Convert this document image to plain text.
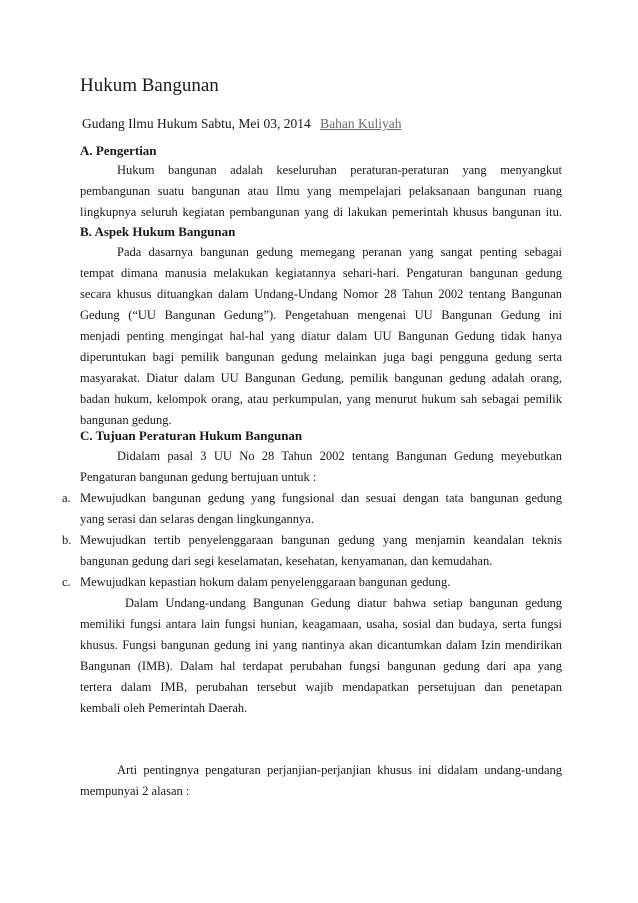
Hukum Bangunan
Gudang Ilmu Hukum Sabtu, Mei 03, 2014 Bahan Kuliyah
A. Pengertian
Hukum bangunan adalah keseluruhan peraturan-peraturan yang menyangkut
pembangunan suatu bangunan atau Ilmu yang mempelajari pelaksanaan bangunan ruang
lingkupnya seluruh kegiatan pembangunan yang di lakukan pemerintah khusus bangunan itu.
B. Aspek Hukum Bangunan
Pada dasarnya bangunan gedung memegang peranan yang sangat penting sebagai
tempat dimana manusia melakukan kegiatannya sehari-hari. Pengaturan bangunan gedung
secara khusus dituangkan dalam Undang-Undang Nomor 28 Tahun 2002 tentang Bangunan
Gedung (“UU Bangunan Gedung”). Pengetahuan mengenai UU Bangunan Gedung ini
menjadi penting mengingat hal-hal yang diatur dalam UU Bangunan Gedung tidak hanya
diperuntukan bagi pemilik bangunan gedung melainkan juga bagi pengguna gedung serta
masyarakat. Diatur dalam UU Bangunan Gedung, pemilik bangunan gedung adalah orang,
badan hukum, kelompok orang, atau perkumpulan, yang menurut hukum sah sebagai pemilik
bangunan gedung.
C. Tujuan Peraturan Hukum Bangunan
Didalam pasal 3 UU No 28 Tahun 2002 tentang Bangunan Gedung meyebutkan
Pengaturan bangunan gedung bertujuan untuk :
a. Mewujudkan bangunan gedung yang fungsional dan sesuai dengan tata bangunan gedung
yang serasi dan selaras dengan lingkungannya.
b. Mewujudkan tertib penyelenggaraan bangunan gedung yang menjamin keandalan teknis
bangunan gedung dari segi keselamatan, kesehatan, kenyamanan, dan kemudahan.
c. Mewujudkan kepastian hokum dalam penyelenggaraan bangunan gedung.
Dalam Undang-undang Bangunan Gedung diatur bahwa setiap bangunan gedung
memiliki fungsi antara lain fungsi hunian, keagamaan, usaha, sosial dan budaya, serta fungsi
khusus. Fungsi bangunan gedung ini yang nantinya akan dicantumkan dalam Izin mendirikan
Bangunan (IMB). Dalam hal terdapat perubahan fungsi bangunan gedung dari apa yang
tertera dalam IMB, perubahan tersebut wajib mendapatkan persetujuan dan penetapan
kembali oleh Pemerintah Daerah.
Arti pentingnya pengaturan perjanjian-perjanjian khusus ini didalam undang-undang
mempunyai 2 alasan :
